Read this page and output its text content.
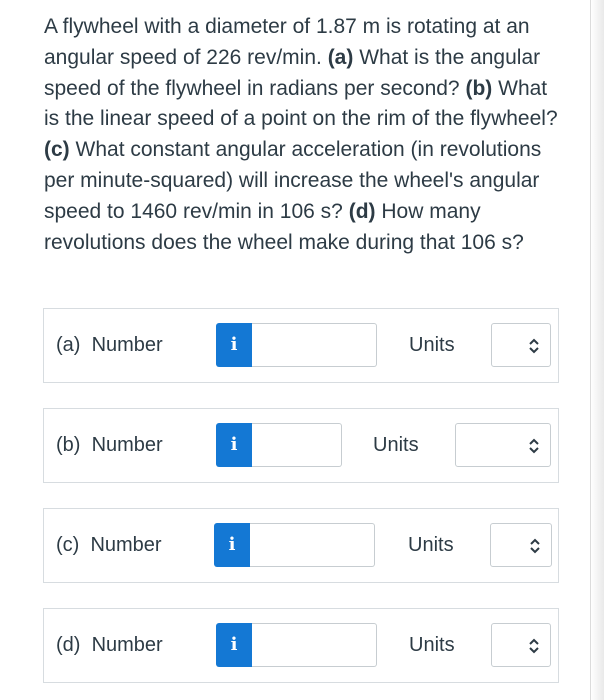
A flywheel with a diameter of 1.87 m is rotating at an angular speed of 226 rev/min. (a) What is the angular speed of the flywheel in radians per second? (b) What is the linear speed of a point on the rim of the flywheel? (c) What constant angular acceleration (in revolutions per minute-squared) will increase the wheel's angular speed to 1460 rev/min in 106 s? (d) How many revolutions does the wheel make during that 106 s?
(a) Number	i	Units
(b) Number	i	Units
(c) Number	i	Units
(d) Number	i	Units
